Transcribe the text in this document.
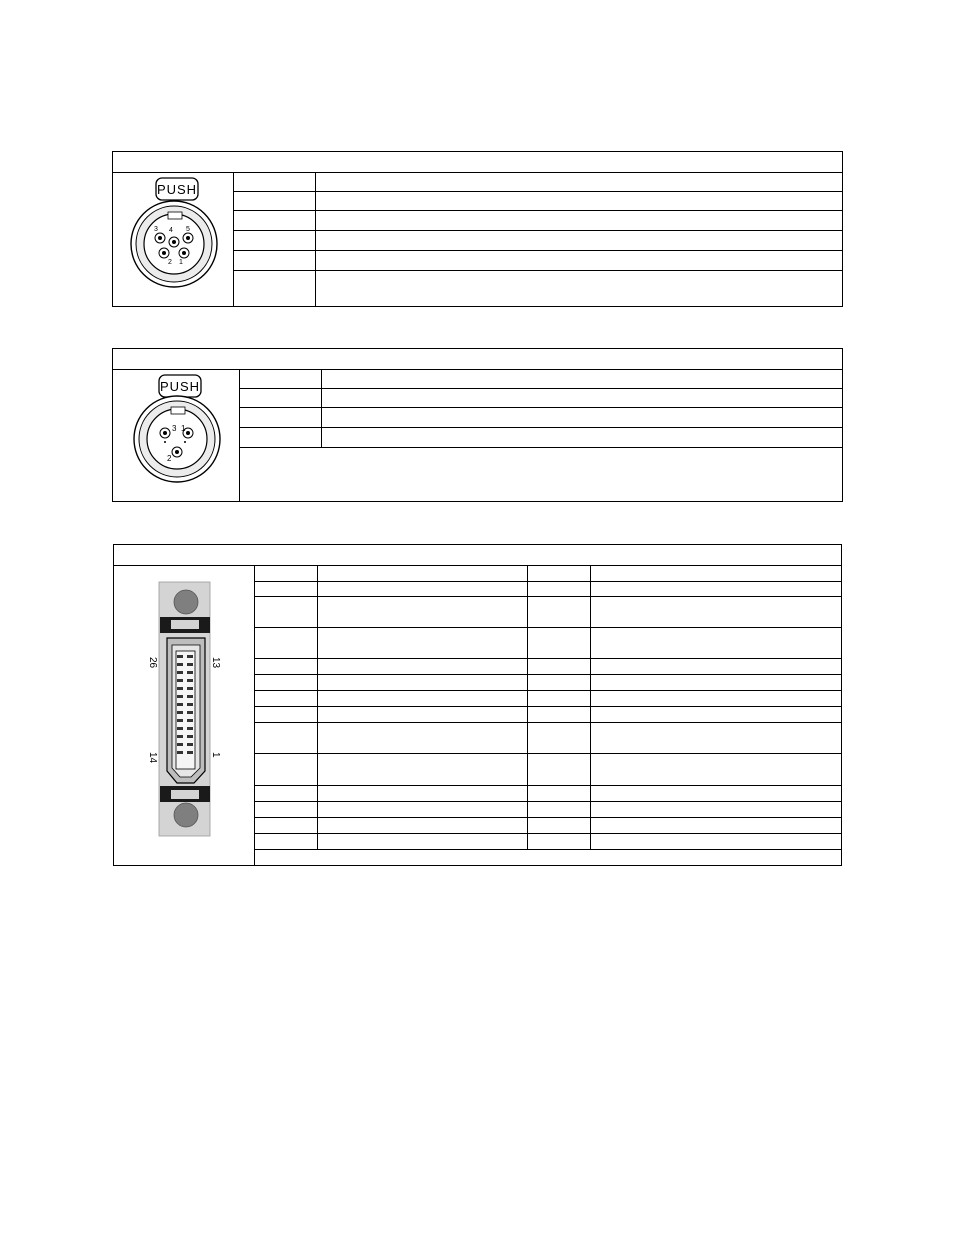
PUSH
4 5
3
1
2
PUSH
3 1
2
26	13
14	1
